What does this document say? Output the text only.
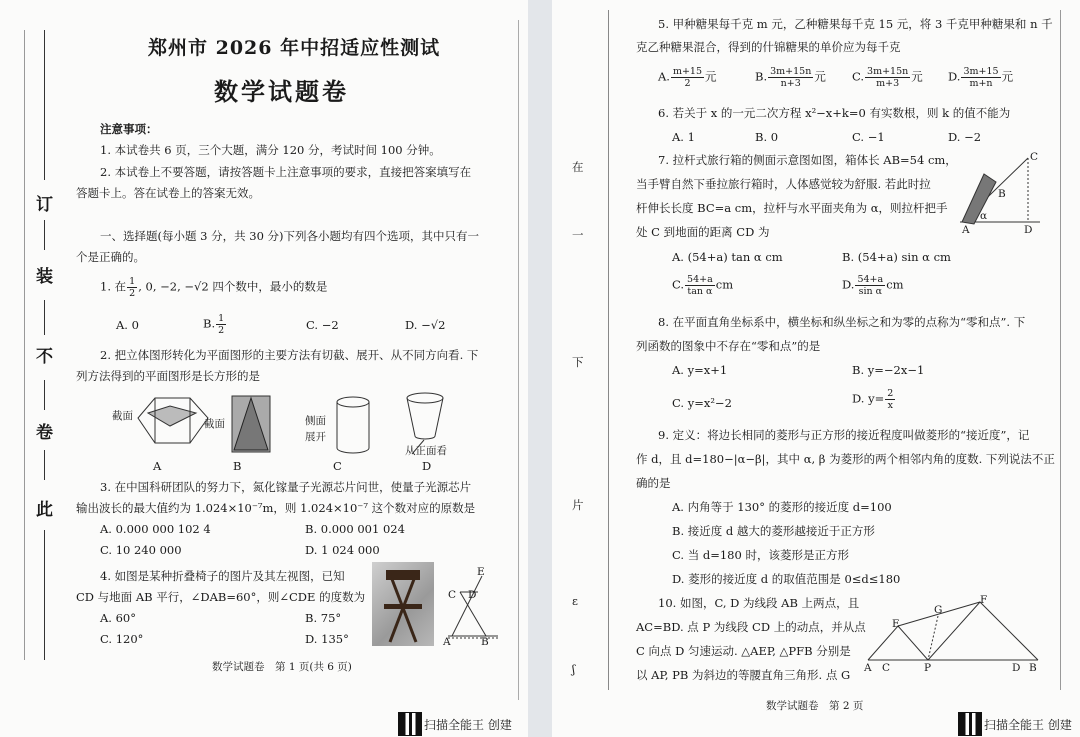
此
卷
不
装
订
郑州市 2026 年中招适应性测试
数学试题卷
注意事项：
1. 本试卷共 6 页，三个大题，满分 120 分，考试时间 100 分钟。
2. 本试卷上不要答题，请按答题卡上注意事项的要求，直接把答案填写在
答题卡上。答在试卷上的答案无效。
一、选择题(每小题 3 分，共 30 分)下列各小题均有四个选项，其中只有一
个是正确的。
1. 在 $\frac{1}{2}$ , 0, −2, −√2 四个数中，最小的数是
A. 0	B. $\frac{1}{2}$	C. −2	D. −√2
2. 把立体图形转化为平面图形的主要方法有切截、展开、从不同方向看. 下
列方法得到的平面图形是长方形的是
截面
截面	侧面
展开
从正面看
A	B	C	D
3. 在中国科研团队的努力下，氮化镓量子光源芯片问世，使量子光源芯片
输出波长的最大值约为 1.024×10⁻⁷m，则 1.024×10⁻⁷ 这个数对应的原数是
A. 0.000 000 102 4	B. 0.000 001 024
C. 10 240 000	D. 1 024 000
4. 如图是某种折叠椅子的图片及其左视图，已知
CD 与地面 AB 平行，∠DAB=60°，则∠CDE 的度数为
A. 60°	B. 75°
C. 120°	D. 135°
E
C D
A	B
数学试题卷　第 1 页(共 6 页)
扫描全能王 创建
在
一
下
片
ε
ʃ
5. 甲种糖果每千克 m 元，乙种糖果每千克 15 元，将 3 千克甲种糖果和 n 千
克乙种糖果混合，得到的什锦糖果的单价应为每千克
A. $\frac{m+15}{2}$ 元	B. $\frac{3m+15n}{n+3}$ 元 C. $\frac{3m+15n}{m+3}$ 元 D. $\frac{3m+15}{m+n}$ 元
6. 若关于 x 的一元二次方程 x²−x+k=0 有实数根，则 k 的值不能为
A. 1	B. 0	C. −1	D. −2
7. 拉杆式旅行箱的侧面示意图如图，箱体长 AB=54 cm，
当手臂自然下垂拉旅行箱时，人体感觉较为舒服. 若此时拉
杆伸长长度 BC=a cm，拉杆与水平面夹角为 α，则拉杆把手
处 C 到地面的距离 CD 为
C
B
α
A	D
A. (54+a) tan α cm	B. (54+a) sin α cm
C. $\frac{54+a}{\text{tan α}}$ cm	D. $\frac{54+a}{\text{sin α}}$ cm
8. 在平面直角坐标系中，横坐标和纵坐标之和为零的点称为“零和点”. 下
列函数的图象中不存在“零和点”的是
A. y=x+1	B. y=−2x−1
C. y=x²−2	D. $y= \frac{2}{x}$
9. 定义：将边长相同的菱形与正方形的接近程度叫做菱形的“接近度”，记
作 d，且 d=180−|α−β|，其中 α, β 为菱形的两个相邻内角的度数. 下列说法不正
确的是
A. 内角等于 130° 的菱形的接近度 d=100
B. 接近度 d 越大的菱形越接近于正方形
C. 当 d=180 时，该菱形是正方形
D. 菱形的接近度 d 的取值范围是 0≤d≤180
10. 如图，C, D 为线段 AB 上两点，且
AC=BD. 点 P 为线段 CD 上的动点，并从点
C 向点 D 匀速运动. △AEP, △PFB 分别是
以 AP, PB 为斜边的等腰直角三角形. 点 G
F
G
E
A C	P	D B
数学试题卷　第 2 页
扫描全能王 创建
